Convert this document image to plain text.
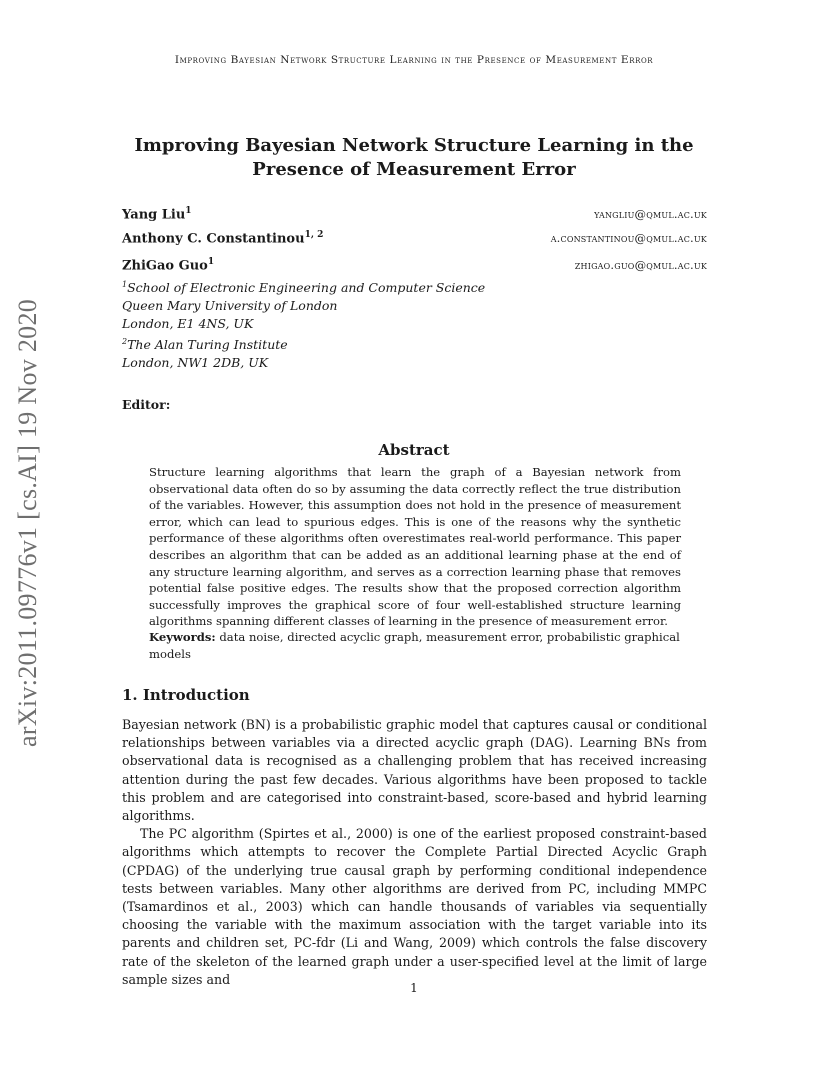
Improving Bayesian Network Structure Learning in the Presence of Measurement Error
arXiv:2011.09776v1 [cs.AI] 19 Nov 2020
Improving Bayesian Network Structure Learning in the
Presence of Measurement Error
Yang Liu$^1$	yangliu@qmul.ac.uk
Anthony C. Constantinou$^{1, 2}$	a.constantinou@qmul.ac.uk
ZhiGao Guo$^1$	zhigao.guo@qmul.ac.uk
$^1$School of Electronic Engineering and Computer Science
Queen Mary University of London
London, E1 4NS, UK
$^2$The Alan Turing Institute
London, NW1 2DB, UK
Editor:
Abstract
Structure learning algorithms that learn the graph of a Bayesian network from observational data often do so by assuming the data correctly reflect the true distribution of the variables. However, this assumption does not hold in the presence of measurement error, which can lead to spurious edges. This is one of the reasons why the synthetic performance of these algorithms often overestimates real-world performance. This paper describes an algorithm that can be added as an additional learning phase at the end of any structure learning algorithm, and serves as a correction learning phase that removes potential false positive edges. The results show that the proposed correction algorithm successfully improves the graphical score of four well-established structure learning algorithms spanning different classes of learning in the presence of measurement error.
Keywords: data noise, directed acyclic graph, measurement error, probabilistic graphical models
1. Introduction

Bayesian network (BN) is a probabilistic graphic model that captures causal or conditional relationships between variables via a directed acyclic graph (DAG). Learning BNs from observational data is recognised as a challenging problem that has received increasing attention during the past few decades. Various algorithms have been proposed to tackle this problem and are categorised into constraint-based, score-based and hybrid learning algorithms.

The PC algorithm (Spirtes et al., 2000) is one of the earliest proposed constraint-based algorithms which attempts to recover the Complete Partial Directed Acyclic Graph (CPDAG) of the underlying true causal graph by performing conditional independence tests between variables. Many other algorithms are derived from PC, including MMPC (Tsamardinos et al., 2003) which can handle thousands of variables via sequentially choosing the variable with the maximum association with the target variable into its parents and children set, PC-fdr (Li and Wang, 2009) which controls the false discovery rate of the skeleton of the learned graph under a user-specified level at the limit of large sample sizes and

1
